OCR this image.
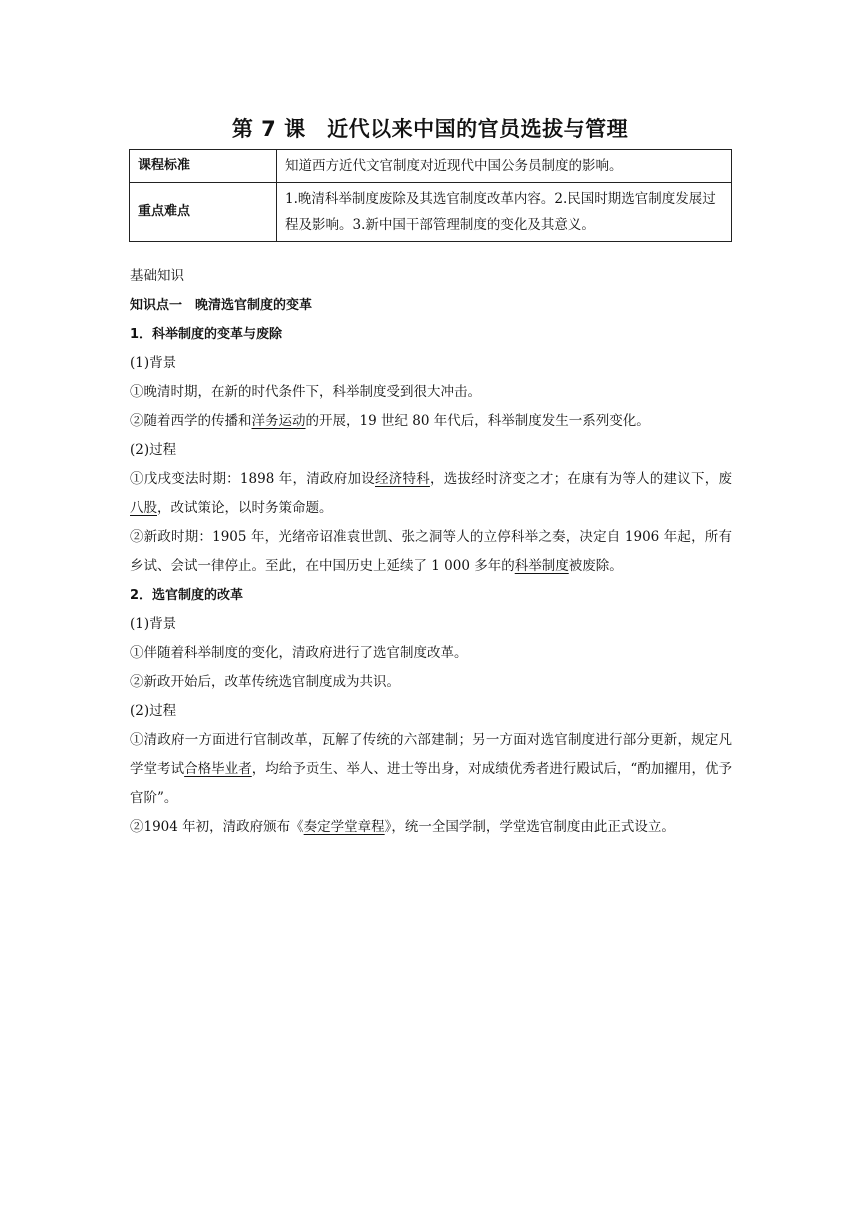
第 7 课　近代以来中国的官员选拔与管理
课程标准	知道西方近代文官制度对近现代中国公务员制度的影响。
重点难点	1.晚清科举制度废除及其选官制度改革内容。2.民国时期选官制度发展过程及影响。3.新中国干部管理制度的变化及其意义。

基础知识

知识点一　晚清选官制度的变革

1．科举制度的变革与废除

(1)背景

①晚清时期，在新的时代条件下，科举制度受到很大冲击。

②随着西学的传播和洋务运动的开展，19 世纪 80 年代后，科举制度发生一系列变化。

(2)过程

①戊戌变法时期：1898 年，清政府加设经济特科，选拔经时济变之才；在康有为等人的建议下，废八股，改试策论，以时务策命题。

②新政时期：1905 年，光绪帝诏准袁世凯、张之洞等人的立停科举之奏，决定自 1906 年起，所有乡试、会试一律停止。至此，在中国历史上延续了 1 000 多年的科举制度被废除。

2．选官制度的改革

(1)背景

①伴随着科举制度的变化，清政府进行了选官制度改革。

②新政开始后，改革传统选官制度成为共识。

(2)过程

①清政府一方面进行官制改革，瓦解了传统的六部建制；另一方面对选官制度进行部分更新，规定凡学堂考试合格毕业者，均给予贡生、举人、进士等出身，对成绩优秀者进行殿试后，“酌加擢用，优予官阶”。

②1904 年初，清政府颁布《奏定学堂章程》，统一全国学制，学堂选官制度由此正式设立。
